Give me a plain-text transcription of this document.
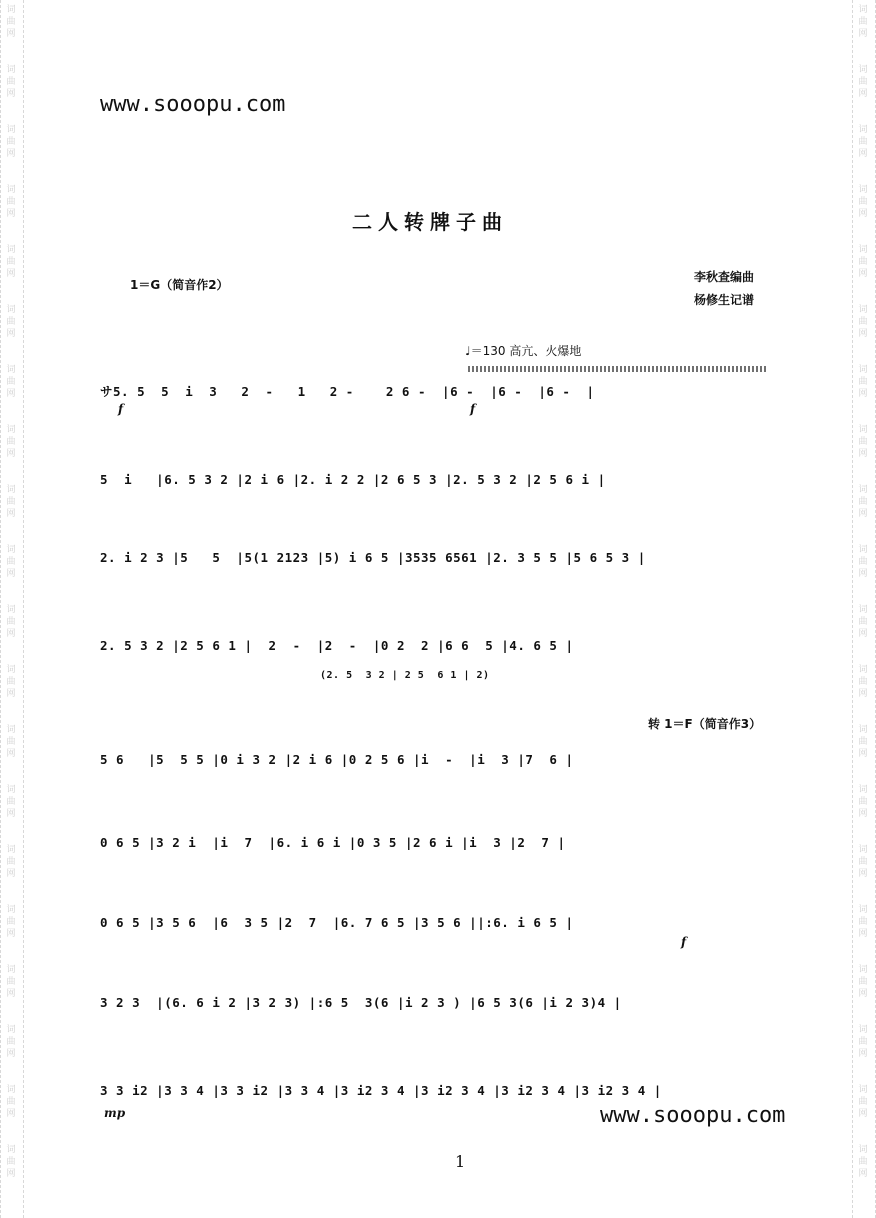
词
曲
网
词
曲
网
词
曲
网
词
曲
网
词
曲
网
词
曲
网
词
曲
网
词
曲
网
词
曲
网
词
曲
网
词
曲
网
词
曲
网
词
曲
网
词
曲
网
词
曲
网
词
曲
网
词
曲
网
词
曲
网
词
曲
网
词
曲
网
词
曲
网
词
曲
网
词
曲
网
词
曲
网
词
曲
网
词
曲
网
词
曲
网
词
曲
网
词
曲
网
词
曲
网
词
曲
网
词
曲
网
词
曲
网
词
曲
网
词
曲
网
词
曲
网
词
曲
网
词
曲
网
词
曲
网
词
曲
网
www.sooopu.com
二人转牌子曲
1＝G（简音作2）
李秋查编曲
杨修生记谱
♩＝130 高亢、火爆地
サ5. 5  5  i  3   2  -   1   2 -    2 6 -  |6 -  |6 -  |6 -  |
f	f
5  i   |6. 5 3 2 |2 i 6 |2. i 2 2 |2 6 5 3 |2. 5 3 2 |2 5 6 i |
2. i 2 3 |5   5  |5(1 2123 |5) i 6 5 |3535 6561 |2. 3 5 5 |5 6 5 3 |
2. 5 3 2 |2 5 6 1 |  2  -  |2  -  |0 2  2 |6 6  5 |4. 6 5 |
(2. 5  3 2 | 2 5  6 1 | 2)
转 1＝F（简音作3）
5 6   |5  5 5 |0 i 3 2 |2 i 6 |0 2 5 6 |i  -  |i  3 |7  6 |
0 6 5 |3 2 i  |i  7  |6. i 6 i |0 3 5 |2 6 i |i  3 |2  7 |
0 6 5 |3 5 6  |6  3 5 |2  7  |6. 7 6 5 |3 5 6 ||:6. i 6 5 |
f
3 2 3  |(6. 6 i 2 |3 2 3) |:6 5  3(6 |i 2 3 ) |6 5 3(6 |i 2 3)4 |
3 3 i2 |3 3 4 |3 3 i2 |3 3 4 |3 i2 3 4 |3 i2 3 4 |3 i2 3 4 |3 i2 3 4 |
mp	www.sooopu.com
1
